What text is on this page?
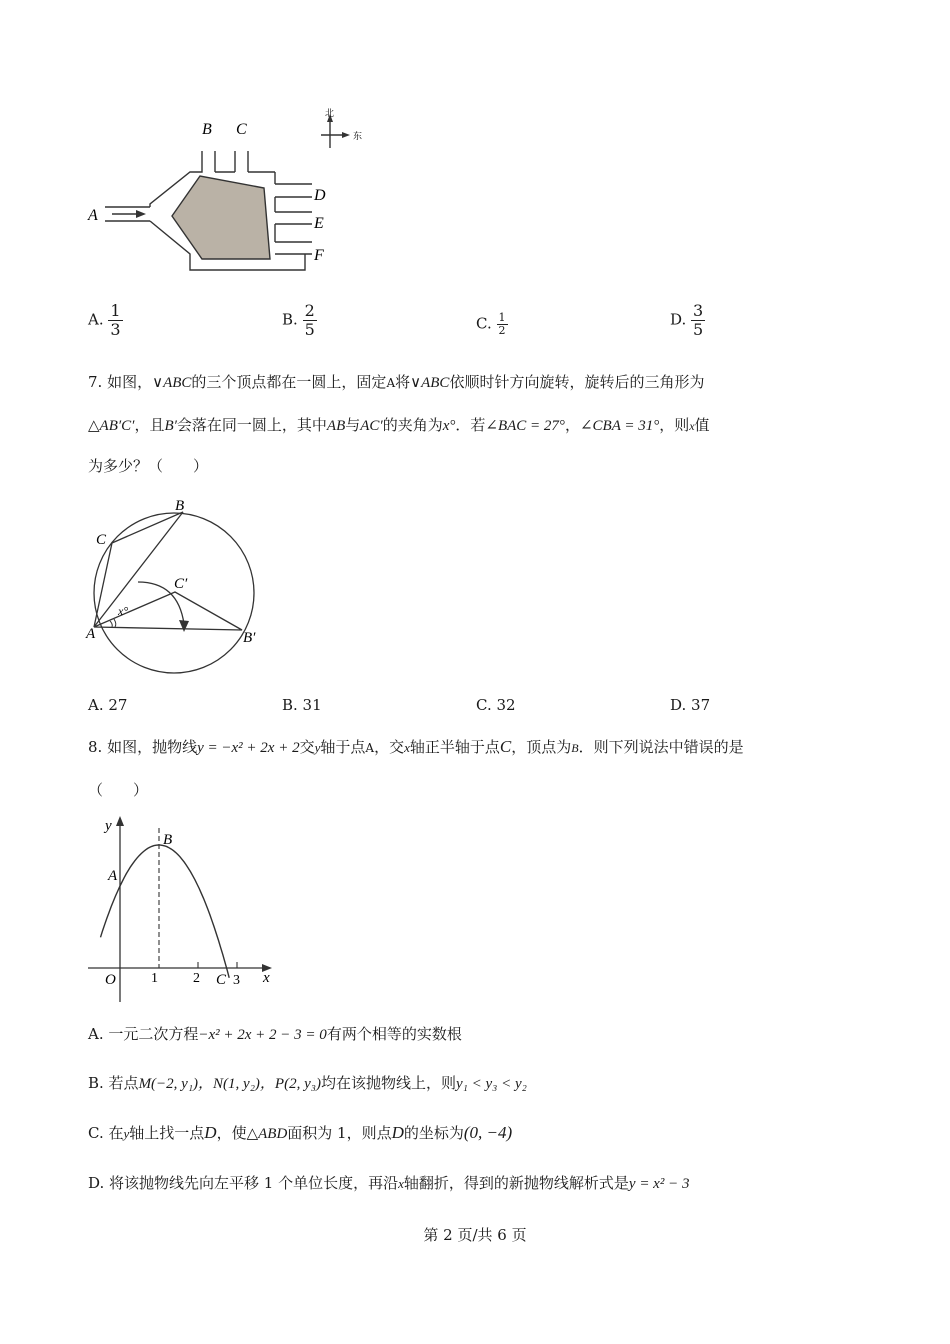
北
东
A
B C
D
E
F
A. $\frac{1}{3}$	B. $\frac{2}{5}$	C. $\frac{1}{2}$	D. $\frac{3}{5}$
7. 如图，∨ABC的三个顶点都在一圆上，固定A将∨ABC依顺时针方向旋转，旋转后的三角形为
△AB′C′，且B′会落在同一圆上，其中AB与AC′的夹角为x°．若∠BAC = 27°，∠CBA = 31°，则x值
为多少？（　　）
B
C
C′
A	B′
x°
A. 27	B. 31	C. 32	D. 37
8. 如图，抛物线y = −x² + 2x + 2交y轴于点A，交x轴正半轴于点C，顶点为B．则下列说法中错误的是
（　　）
y
x
O
A
B
C
1	2 3
A. 一元二次方程−x² + 2x + 2 − 3 = 0有两个相等的实数根
B. 若点M(−2, y₁)，N(1, y₂)，P(2, y₃)均在该抛物线上，则y₁ < y₃ < y₂
C. 在y轴上找一点D，使△ABD面积为 1，则点D的坐标为(0, −4)
D. 将该抛物线先向左平移 1 个单位长度，再沿x轴翻折，得到的新抛物线解析式是y = x² − 3
第 2 页/共 6 页
